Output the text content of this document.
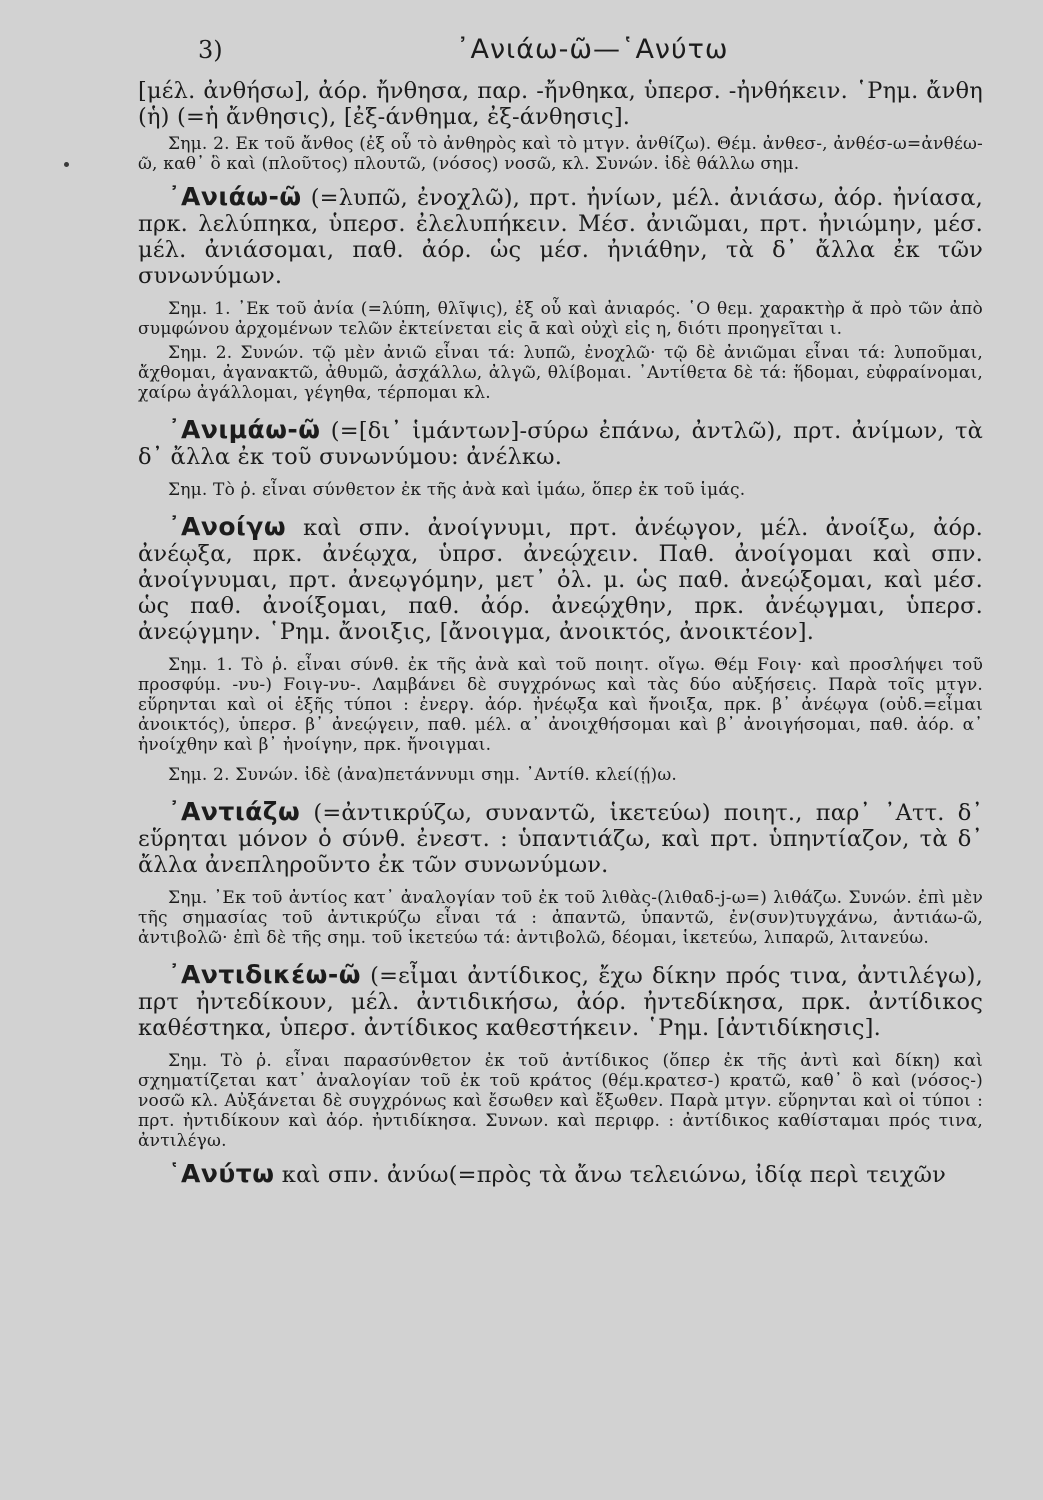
3)	᾽Ανιάω-ῶ—῾Ανύτω

[μέλ. ἀνθήσω], ἀόρ. ἤνθησα, παρ. -ἤνθηκα, ὑπερσ. -ἠνθήκειν. ῾Ρημ. ἄνθη (ἡ) (=ἡ ἄνθησις), [ἐξ-άνθημα, ἐξ-άνθησις].

Σημ. 2. Εκ τοῦ ἄνθος (ἐξ οὗ τὸ ἀνθηρὸς καὶ τὸ μτγν. ἀνθίζω). Θέμ. ἀνθεσ-, ἀνθέσ-ω=ἀνθέω-ῶ, καθ᾽ ὃ καὶ (πλοῦτος) πλουτῶ, (νόσος) νοσῶ, κλ. Συνών. ἰδὲ θάλλω σημ.

᾽Ανιάω-ῶ (=λυπῶ, ἐνοχλῶ), πρτ. ἠνίων, μέλ. ἀνιάσω, ἀόρ. ἠνίασα, πρκ. λελύπηκα, ὑπερσ. ἐλελυπήκειν. Μέσ. ἀνιῶμαι, πρτ. ἠνιώμην, μέσ. μέλ. ἀνιάσομαι, παθ. ἀόρ. ὡς μέσ. ἠνιάθην, τὰ δ᾽ ἄλλα ἐκ τῶν συνωνύμων.

Σημ. 1. ᾽Εκ τοῦ ἀνία (=λύπη, θλῖψις), ἐξ οὗ καὶ ἀνιαρός. ῾Ο θεμ. χαρακτὴρ ᾰ πρὸ τῶν ἀπὸ συμφώνου ἀρχομένων τελῶν ἐκτείνεται εἰς ᾱ καὶ οὐχὶ εἰς η, διότι προηγεῖται ι.

Σημ. 2. Συνών. τῷ μὲν ἀνιῶ εἶναι τά: λυπῶ, ἐνοχλῶ· τῷ δὲ ἀνιῶμαι εἶναι τά: λυποῦμαι, ἄχθομαι, ἀγανακτῶ, ἀθυμῶ, ἀσχάλλω, ἀλγῶ, θλίβομαι. ᾽Αντίθετα δὲ τά: ἥδομαι, εὐφραίνομαι, χαίρω ἀγάλλομαι, γέγηθα, τέρπομαι κλ.

᾽Ανιμάω-ῶ (=[δι᾽ ἱμάντων]-σύρω ἐπάνω, ἀντλῶ), πρτ. ἀνίμων, τὰ δ᾽ ἄλλα ἐκ τοῦ συνωνύμου: ἀνέλκω.

Σημ. Τὸ ῥ. εἶναι σύνθετον ἐκ τῆς ἀνὰ καὶ ἱμάω, ὅπερ ἐκ τοῦ ἱμάς.

᾽Ανοίγω καὶ σπν. ἀνοίγνυμι, πρτ. ἀνέῳγον, μέλ. ἀνοίξω, ἀόρ. ἀνέῳξα, πρκ. ἀνέῳχα, ὑπρσ. ἀνεῴχειν. Παθ. ἀνοίγομαι καὶ σπν. ἀνοίγνυμαι, πρτ. ἀνεῳγόμην, μετ᾽ ὀλ. μ. ὡς παθ. ἀνεῴξομαι, καὶ μέσ. ὡς παθ. ἀνοίξομαι, παθ. ἀόρ. ἀνεῴχθην, πρκ. ἀνέῳγμαι, ὑπερσ. ἀνεῴγμην. ῾Ρημ. ἄνοιξις, [ἄνοιγμα, ἀνοικτός, ἀνοικτέον].

Σημ. 1. Τὸ ῥ. εἶναι σύνθ. ἐκ τῆς ἀνὰ καὶ τοῦ ποιητ. οἴγω. Θέμ Fοιγ· καὶ προσλήψει τοῦ προσφύμ. -νυ-) Fοιγ-νυ-. Λαμβάνει δὲ συγχρόνως καὶ τὰς δύο αὐξήσεις. Παρὰ τοῖς μτγν. εὕρηνται καὶ οἱ ἑξῆς τύποι : ἐνεργ. ἀόρ. ἠνέῳξα καὶ ἤνοιξα, πρκ. β᾽ ἀνέῳγα (οὐδ.=εἶμαι ἀνοικτός), ὑπερσ. β᾽ ἀνεῴγειν, παθ. μέλ. α᾽ ἀνοιχθήσομαι καὶ β᾽ ἀνοιγήσομαι, παθ. ἀόρ. α᾽ ἠνοίχθην καὶ β᾽ ἠνοίγην, πρκ. ἤνοιγμαι.

Σημ. 2. Συνών. ἰδὲ (ἀνα)πετάννυμι σημ. ᾽Αντίθ. κλεί(ῄ)ω.

᾽Αντιάζω (=ἀντικρύζω, συναντῶ, ἱκετεύω) ποιητ., παρ᾽ ᾽Αττ. δ᾽ εὕρηται μόνον ὁ σύνθ. ἐνεστ. : ὑπαντιάζω, καὶ πρτ. ὑπηντίαζον, τὰ δ᾽ ἄλλα ἀνεπληροῦντο ἐκ τῶν συνωνύμων.

Σημ. ᾽Εκ τοῦ ἀντίος κατ᾽ ἀναλογίαν τοῦ ἐκ τοῦ λιθὰς-(λιθαδ-j-ω=) λιθάζω. Συνών. ἐπὶ μὲν τῆς σημασίας τοῦ ἀντικρύζω εἶναι τά : ἀπαντῶ, ὑπαντῶ, ἐν(συν)τυγχάνω, ἀντιάω-ῶ, ἀντιβολῶ· ἐπὶ δὲ τῆς σημ. τοῦ ἱκετεύω τά: ἀντιβολῶ, δέομαι, ἱκετεύω, λιπαρῶ, λιτανεύω.

᾽Αντιδικέω-ῶ (=εἶμαι ἀντίδικος, ἔχω δίκην πρός τινα, ἀντιλέγω), πρτ ἠντεδίκουν, μέλ. ἀντιδικήσω, ἀόρ. ἠντεδίκησα, πρκ. ἀντίδικος καθέστηκα, ὑπερσ. ἀντίδικος καθεστήκειν. ῾Ρημ. [ἀντιδίκησις].

Σημ. Τὸ ῥ. εἶναι παρασύνθετον ἐκ τοῦ ἀντίδικος (ὅπερ ἐκ τῆς ἀντὶ καὶ δίκη) καὶ σχηματίζεται κατ᾽ ἀναλογίαν τοῦ ἐκ τοῦ κράτος (θέμ.κρατεσ-) κρατῶ, καθ᾽ ὃ καὶ (νόσος-) νοσῶ κλ. Αὐξάνεται δὲ συγχρόνως καὶ ἔσωθεν καὶ ἔξωθεν. Παρὰ μτγν. εὕρηνται καὶ οἱ τύποι : πρτ. ἠντιδίκουν καὶ ἀόρ. ἠντιδίκησα. Συνων. καὶ περιφρ. : ἀντίδικος καθίσταμαι πρός τινα, ἀντιλέγω.

῾Ανύτω καὶ σπν. ἀνύω(=πρὸς τὰ ἄνω τελειώνω, ἰδίᾳ περὶ τειχῶν
